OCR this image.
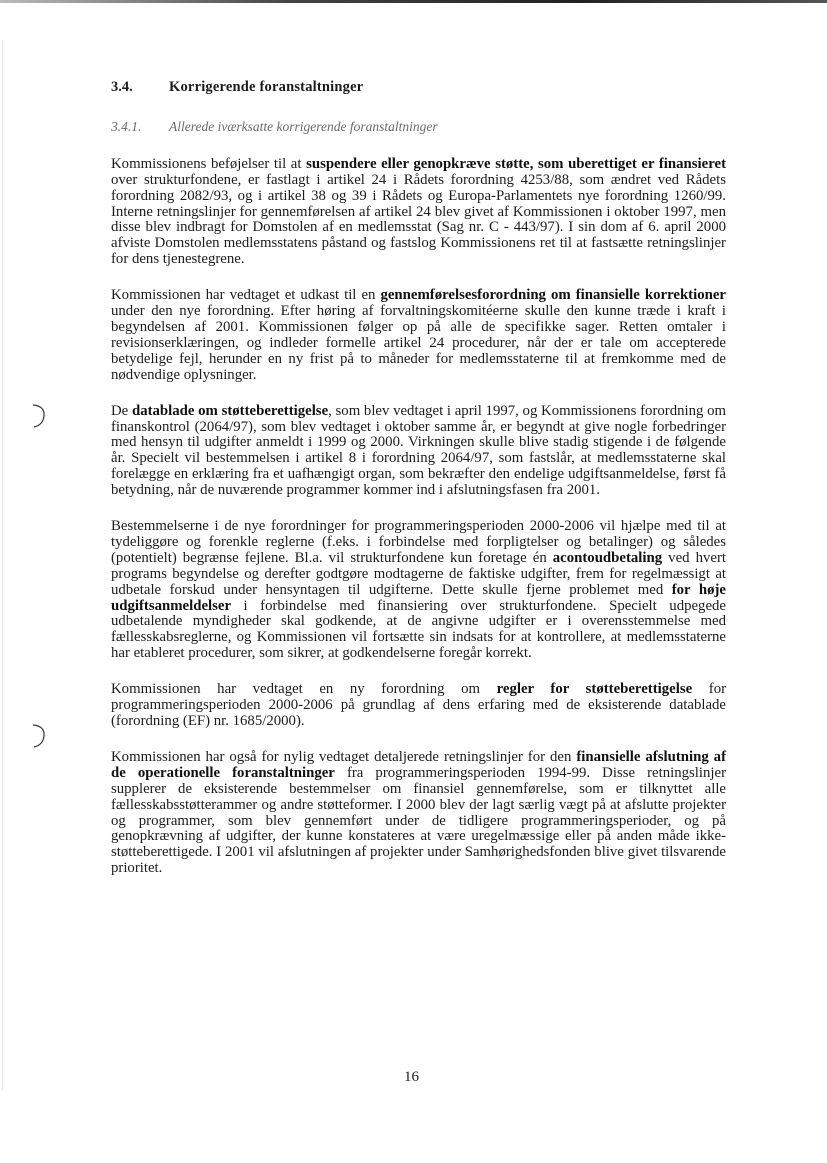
3.4.	Korrigerende foranstaltninger
3.4.1.	Allerede iværksatte korrigerende foranstaltninger

Kommissionens beføjelser til at suspendere eller genopkræve støtte, som uberettiget er finansieret over strukturfondene, er fastlagt i artikel 24 i Rådets forordning 4253/88, som ændret ved Rådets forordning 2082/93, og i artikel 38 og 39 i Rådets og Europa-Parlamentets nye forordning 1260/99. Interne retningslinjer for gennemførelsen af artikel 24 blev givet af Kommissionen i oktober 1997, men disse blev indbragt for Domstolen af en medlemsstat (Sag nr. C - 443/97). I sin dom af 6. april 2000 afviste Domstolen medlemsstatens påstand og fastslog Kommissionens ret til at fastsætte retningslinjer for dens tjenestegrene.

Kommissionen har vedtaget et udkast til en gennemførelsesforordning om finansielle korrektioner under den nye forordning. Efter høring af forvaltningskomitéerne skulle den kunne træde i kraft i begyndelsen af 2001. Kommissionen følger op på alle de specifikke sager. Retten omtaler i revisionserklæringen, og indleder formelle artikel 24 procedurer, når der er tale om accepterede betydelige fejl, herunder en ny frist på to måneder for medlemsstaterne til at fremkomme med de nødvendige oplysninger.

De datablade om støtteberettigelse, som blev vedtaget i april 1997, og Kommissionens forordning om finanskontrol (2064/97), som blev vedtaget i oktober samme år, er begyndt at give nogle forbedringer med hensyn til udgifter anmeldt i 1999 og 2000. Virkningen skulle blive stadig stigende i de følgende år. Specielt vil bestemmelsen i artikel 8 i forordning 2064/97, som fastslår, at medlemsstaterne skal forelægge en erklæring fra et uafhængigt organ, som bekræfter den endelige udgiftsanmeldelse, først få betydning, når de nuværende programmer kommer ind i afslutningsfasen fra 2001.

Bestemmelserne i de nye forordninger for programmeringsperioden 2000-2006 vil hjælpe med til at tydeliggøre og forenkle reglerne (f.eks. i forbindelse med forpligtelser og betalinger) og således (potentielt) begrænse fejlene. Bl.a. vil strukturfondene kun foretage én acontoudbetaling ved hvert programs begyndelse og derefter godtgøre modtagerne de faktiske udgifter, frem for regelmæssigt at udbetale forskud under hensyntagen til udgifterne. Dette skulle fjerne problemet med for høje udgiftsanmeldelser i forbindelse med finansiering over strukturfondene. Specielt udpegede udbetalende myndigheder skal godkende, at de angivne udgifter er i overensstemmelse med fællesskabsreglerne, og Kommissionen vil fortsætte sin indsats for at kontrollere, at medlemsstaterne har etableret procedurer, som sikrer, at godkendelserne foregår korrekt.

Kommissionen har vedtaget en ny forordning om regler for støtteberettigelse for programmeringsperioden 2000-2006 på grundlag af dens erfaring med de eksisterende datablade (forordning (EF) nr. 1685/2000).

Kommissionen har også for nylig vedtaget detaljerede retningslinjer for den finansielle afslutning af de operationelle foranstaltninger fra programmeringsperioden 1994-99. Disse retningslinjer supplerer de eksisterende bestemmelser om finansiel gennemførelse, som er tilknyttet alle fællesskabsstøtterammer og andre støtteformer. I 2000 blev der lagt særlig vægt på at afslutte projekter og programmer, som blev gennemført under de tidligere programmeringsperioder, og på genopkrævning af udgifter, der kunne konstateres at være uregelmæssige eller på anden måde ikke-støtteberettigede. I 2001 vil afslutningen af projekter under Samhørighedsfonden blive givet tilsvarende prioritet.

16
